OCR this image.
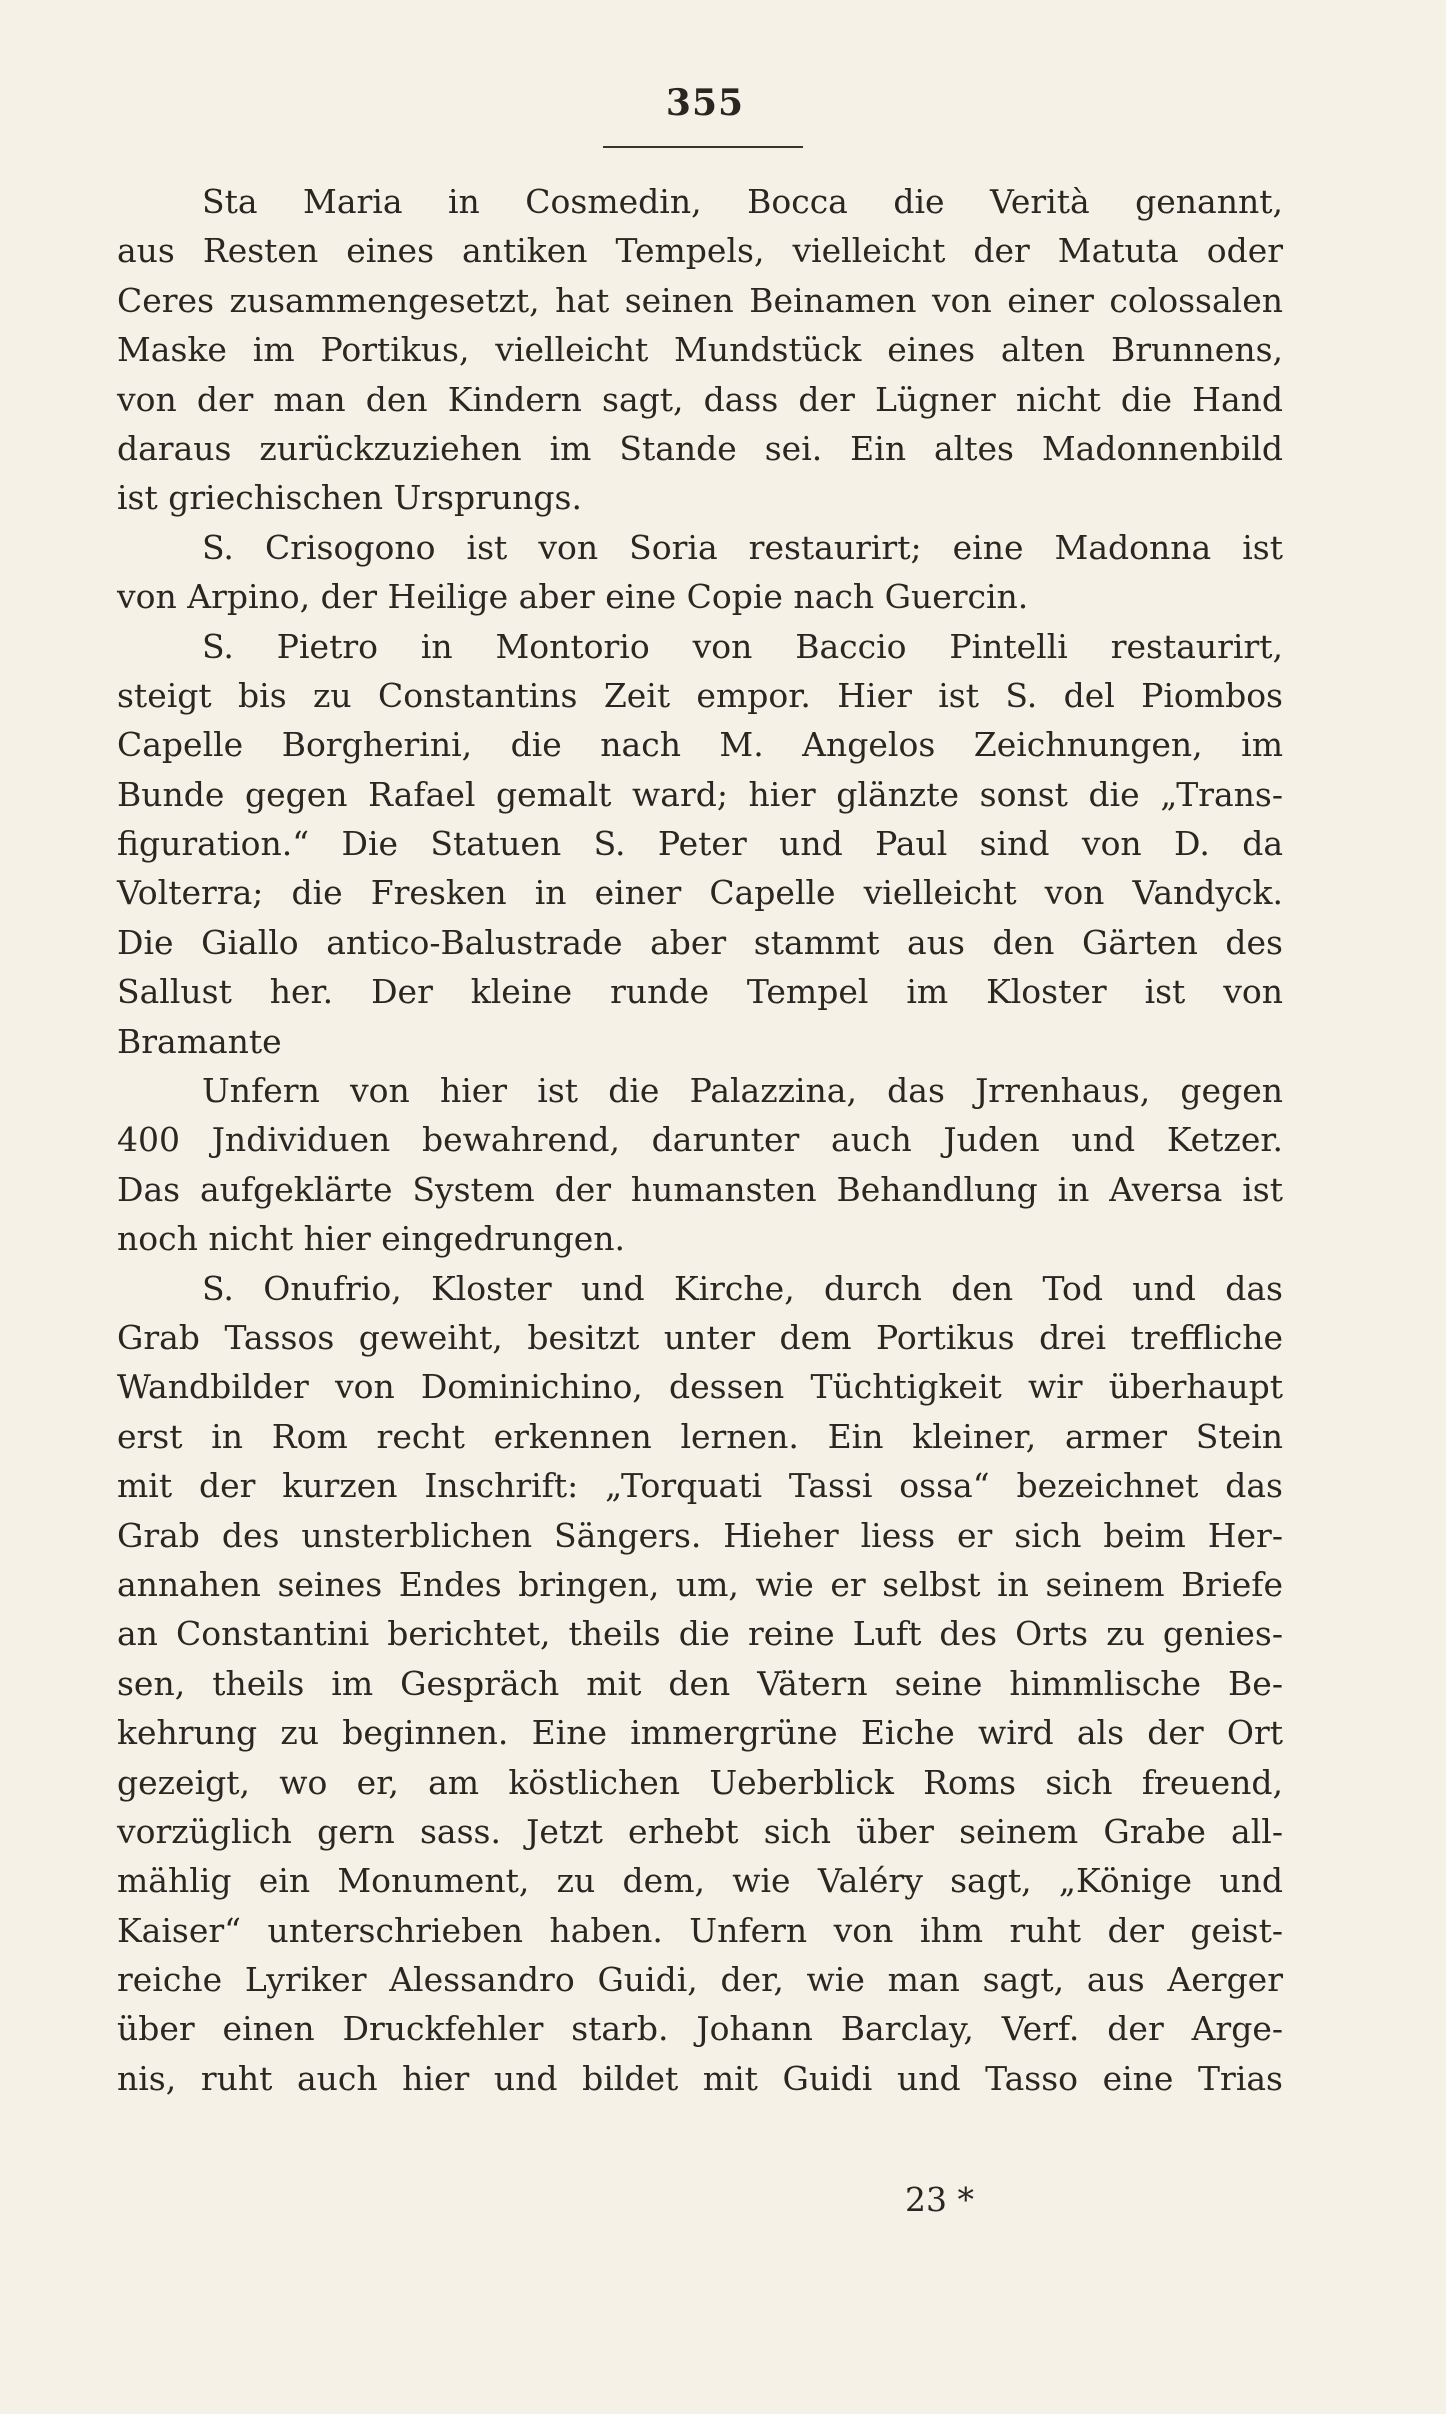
355
Sta Maria in Cosmedin, Bocca die Verità genannt,
aus Resten eines antiken Tempels, vielleicht der Matuta oder
Ceres zusammengesetzt, hat seinen Beinamen von einer colossalen
Maske im Portikus, vielleicht Mundstück eines alten Brunnens,
von der man den Kindern sagt, dass der Lügner nicht die Hand
daraus zurückzuziehen im Stande sei. Ein altes Madonnenbild
ist griechischen Ursprungs.
S. Crisogono ist von Soria restaurirt; eine Madonna ist
von Arpino, der Heilige aber eine Copie nach Guercin.
S. Pietro in Montorio von Baccio Pintelli restaurirt,
steigt bis zu Constantins Zeit empor. Hier ist S. del Piombos
Capelle Borgherini, die nach M. Angelos Zeichnungen, im
Bunde gegen Rafael gemalt ward; hier glänzte sonst die „Trans-
figuration.“ Die Statuen S. Peter und Paul sind von D. da
Volterra; die Fresken in einer Capelle vielleicht von Vandyck.
Die Giallo antico-Balustrade aber stammt aus den Gärten des
Sallust her. Der kleine runde Tempel im Kloster ist von
Bramante
Unfern von hier ist die Palazzina, das Jrrenhaus, gegen
400 Jndividuen bewahrend, darunter auch Juden und Ketzer.
Das aufgeklärte System der humansten Behandlung in Aversa ist
noch nicht hier eingedrungen.
S. Onufrio, Kloster und Kirche, durch den Tod und das
Grab Tassos geweiht, besitzt unter dem Portikus drei treffliche
Wandbilder von Dominichino, dessen Tüchtigkeit wir überhaupt
erst in Rom recht erkennen lernen. Ein kleiner, armer Stein
mit der kurzen Inschrift: „Torquati Tassi ossa“ bezeichnet das
Grab des unsterblichen Sängers. Hieher liess er sich beim Her-
annahen seines Endes bringen, um, wie er selbst in seinem Briefe
an Constantini berichtet, theils die reine Luft des Orts zu genies-
sen, theils im Gespräch mit den Vätern seine himmlische Be-
kehrung zu beginnen. Eine immergrüne Eiche wird als der Ort
gezeigt, wo er, am köstlichen Ueberblick Roms sich freuend,
vorzüglich gern sass. Jetzt erhebt sich über seinem Grabe all-
mählig ein Monument, zu dem, wie Valéry sagt, „Könige und
Kaiser“ unterschrieben haben. Unfern von ihm ruht der geist-
reiche Lyriker Alessandro Guidi, der, wie man sagt, aus Aerger
über einen Druckfehler starb. Johann Barclay, Verf. der Arge-
nis, ruht auch hier und bildet mit Guidi und Tasso eine Trias
23 *
